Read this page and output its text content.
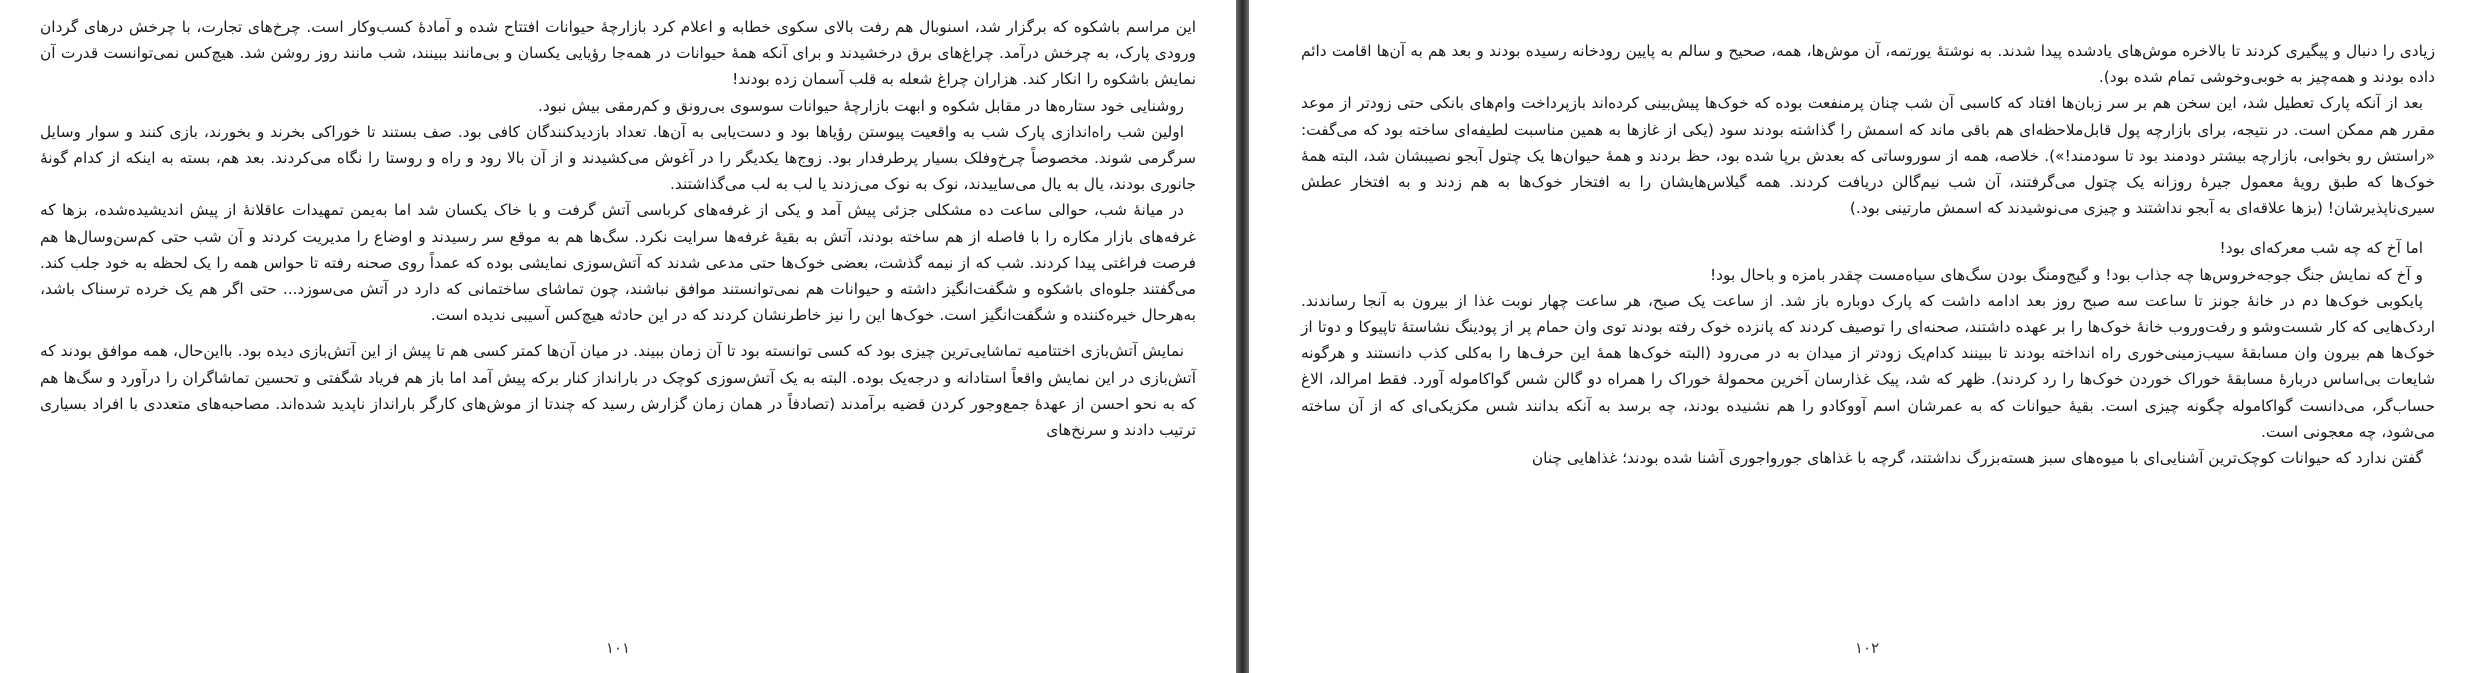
این مراسم باشکوه که برگزار شد، اسنوبال هم رفت بالای سکوی خطابه و اعلام کرد بازارچهٔ حیوانات افتتاح شده و آمادهٔ کسب‌وکار است. چرخ‌های تجارت، با چرخش درهای گردان ورودی پارک، به چرخش درآمد. چراغ‌های برق درخشیدند و برای آنکه همهٔ حیوانات در همه‌جا رؤیایی یکسان و بی‌مانند ببینند، شب مانند روز روشن شد. هیچ‌کس نمی‌توانست قدرت آن نمایش باشکوه را انکار کند. هزاران چراغ شعله به قلب آسمان زده بودند!

روشنایی خود ستاره‌ها در مقابل شکوه و ابهت بازارچهٔ حیوانات سوسوی بی‌رونق و کم‌رمقی بیش نبود.

اولین شب راه‌اندازی پارک شب به واقعیت پیوستن رؤیاها بود و دست‌یابی به آن‌ها. تعداد بازدیدکنندگان کافی بود. صف بستند تا خوراکی بخرند و بخورند، بازی کنند و سوار وسایل سرگرمی شوند. مخصوصاً چرخ‌وفلک بسیار پرطرفدار بود. زوج‌ها یکدیگر را در آغوش می‌کشیدند و از آن بالا رود و راه و روستا را نگاه می‌کردند. بعد هم، بسته به اینکه از کدام گونهٔ جانوری بودند، یال به یال می‌ساییدند، نوک به نوک می‌زدند یا لب به لب می‌گذاشتند.

در میانهٔ شب، حوالی ساعت ده مشکلی جزئی پیش آمد و یکی از غرفه‌های کرباسی آتش گرفت و با خاک یکسان شد اما به‌یمن تمهیدات عاقلانهٔ از پیش اندیشیده‌شده، بزها که غرفه‌های بازار مکاره را با فاصله از هم ساخته بودند، آتش به بقیهٔ غرفه‌ها سرایت نکرد. سگ‌ها هم به موقع سر رسیدند و اوضاع را مدیریت کردند و آن شب حتی کم‌سن‌وسال‌ها هم فرصت فراغتی پیدا کردند. شب که از نیمه گذشت، بعضی خوک‌ها حتی مدعی شدند که آتش‌سوزی نمایشی بوده که عمداً روی صحنه رفته تا حواس همه را یک لحظه به خود جلب کند. می‌گفتند جلوه‌ای باشکوه و شگفت‌انگیز داشته و حیوانات هم نمی‌توانستند موافق نباشند، چون تماشای ساختمانی که دارد در آتش می‌سوزد... حتی اگر هم یک خرده ترسناک باشد، به‌هرحال خیره‌کننده و شگفت‌انگیز است. خوک‌ها این را نیز خاطرنشان کردند که در این حادثه هیچ‌کس آسیبی ندیده است.

نمایش آتش‌بازی اختتامیه تماشایی‌ترین چیزی بود که کسی توانسته بود تا آن زمان ببیند. در میان آن‌ها کمتر کسی هم تا پیش از این آتش‌بازی دیده بود. بااین‌حال، همه موافق بودند که آتش‌بازی در این نمایش واقعاً استادانه و درجه‌یک بوده. البته به یک آتش‌سوزی کوچک در بارانداز کنار برکه پیش آمد اما باز هم فریاد شگفتی و تحسین تماشاگران را درآورد و سگ‌ها هم که به نحو احسن از عهدهٔ جمع‌وجور کردن قضیه برآمدند (تصادفاً در همان زمان گزارش رسید که چندتا از موش‌های کارگر بارانداز ناپدید شده‌اند. مصاحبه‌های متعددی با افراد بسیاری ترتیب دادند و سرنخ‌های

۱۰۱

زیادی را دنبال و پیگیری کردند تا بالاخره موش‌های یادشده پیدا شدند. به نوشتهٔ یورتمه، آن موش‌ها، همه، صحیح و سالم به پایین رودخانه رسیده بودند و بعد هم به آن‌ها اقامت دائم داده بودند و همه‌چیز به خوبی‌وخوشی تمام شده بود).

بعد از آنکه پارک تعطیل شد، این سخن هم بر سر زبان‌ها افتاد که کاسبی آن شب چنان پرمنفعت بوده که خوک‌ها پیش‌بینی کرده‌اند بازپرداخت وام‌های بانکی حتی زودتر از موعد مقرر هم ممکن است. در نتیجه، برای بازارچه پول قابل‌ملاحظه‌ای هم باقی ماند که اسمش را گذاشته بودند سود (یکی از غازها به همین مناسبت لطیفه‌ای ساخته بود که می‌گفت: «راستش رو بخوابی، بازارچه بیشتر دودمند بود تا سودمند!»). خلاصه، همه از سوروساتی که بعدش برپا شده بود، حظ بردند و همهٔ حیوان‌ها یک چتول آبجو نصیبشان شد، البته همهٔ خوک‌ها که طبق رویهٔ معمول جیرهٔ روزانه یک چتول می‌گرفتند، آن شب نیم‌گالن دریافت کردند. همه گیلاس‌هایشان را به افتخار خوک‌ها به هم زدند و به افتخار عطش سیری‌ناپذیرشان! (بزها علاقه‌ای به آبجو نداشتند و چیزی می‌نوشیدند که اسمش مارتینی بود.)

اما آخ که چه شب معرکه‌ای بود!

و آخ که نمایش جنگ جوجه‌خروس‌ها چه جذاب بود! و گیج‌ومنگ بودن سگ‌های سیاه‌مست چقدر بامزه و باحال بود!

پایکوبی خوک‌ها دم در خانهٔ جونز تا ساعت سه صبح روز بعد ادامه داشت که پارک دوباره باز شد. از ساعت یک صبح، هر ساعت چهار نوبت غذا از بیرون به آنجا رساندند. اردک‌هایی که کار شست‌وشو و رفت‌وروب خانهٔ خوک‌ها را بر عهده داشتند، صحنه‌ای را توصیف کردند که پانزده خوک رفته بودند توی وان حمام پر از پودینگ نشاستهٔ تاپیوکا و دوتا از خوک‌ها هم بیرون وان مسابقهٔ سیب‌زمینی‌خوری راه انداخته بودند تا ببینند کدام‌یک زودتر از میدان به در می‌رود (البته خوک‌ها همهٔ این حرف‌ها را به‌کلی کذب دانستند و هرگونه شایعات بی‌اساس دربارهٔ مسابقهٔ خوراک خوردن خوک‌ها را رد کردند). ظهر که شد، پیک غذارسان آخرین محمولهٔ خوراک را همراه دو گالن شس گواکاموله آورد. فقط امرالد، الاغ حساب‌گر، می‌دانست گواکاموله چگونه چیزی است. بقیهٔ حیوانات که به عمرشان اسم آووکادو را هم نشنیده بودند، چه برسد به آنکه بدانند شس مکزیکی‌ای که از آن ساخته می‌شود، چه معجونی است.

گفتن ندارد که حیوانات کوچک‌ترین آشنایی‌ای با میوه‌های سبز هسته‌بزرگ نداشتند، گرچه با غذاهای جوروا‌جوری آشنا شده بودند؛ غذاهایی چنان

۱۰۲
